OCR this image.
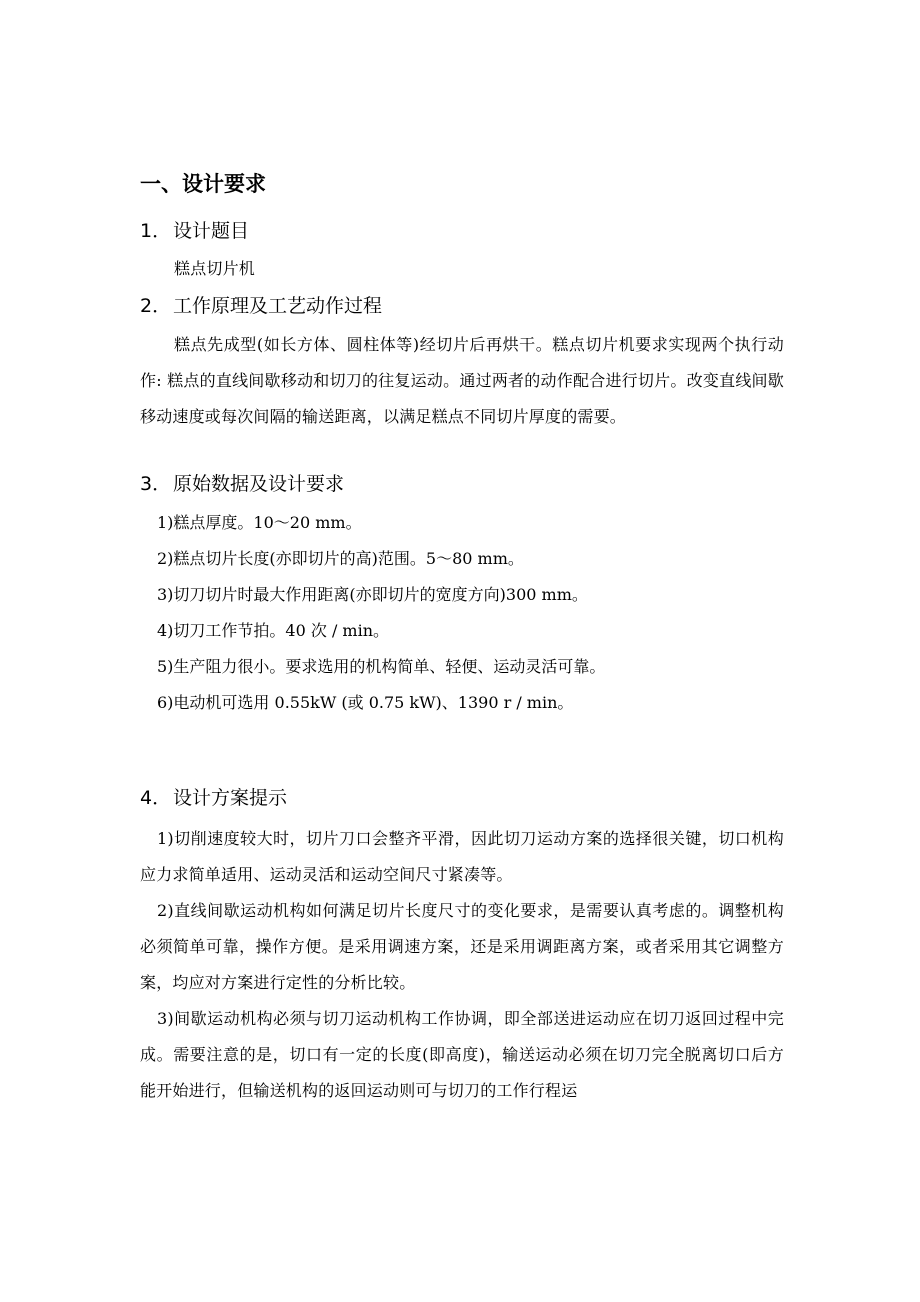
一、设计要求
1． 设计题目
糕点切片机
2． 工作原理及工艺动作过程
糕点先成型(如长方体、圆柱体等)经切片后再烘干。糕点切片机要求实现两个执行动作: 糕点的直线间歇移动和切刀的往复运动。通过两者的动作配合进行切片。改变直线间歇移动速度或每次间隔的输送距离，以满足糕点不同切片厚度的需要。
3． 原始数据及设计要求
1)糕点厚度。10～20 mm。
2)糕点切片长度(亦即切片的高)范围。5～80 mm。
3)切刀切片时最大作用距离(亦即切片的宽度方向)300 mm。
4)切刀工作节拍。40 次 / min。
5)生产阻力很小。要求选用的机构简单、轻便、运动灵活可靠。
6)电动机可选用 0.55kW (或 0.75 kW)、1390 r / min。
4． 设计方案提示
1)切削速度较大时，切片刀口会整齐平滑，因此切刀运动方案的选择很关键，切口机构应力求简单适用、运动灵活和运动空间尺寸紧凑等。
2)直线间歇运动机构如何满足切片长度尺寸的变化要求，是需要认真考虑的。调整机构必须简单可靠，操作方便。是采用调速方案，还是采用调距离方案，或者采用其它调整方案，均应对方案进行定性的分析比较。
3)间歇运动机构必须与切刀运动机构工作协调，即全部送进运动应在切刀返回过程中完成。需要注意的是，切口有一定的长度(即高度)，输送运动必须在切刀完全脱离切口后方能开始进行，但输送机构的返回运动则可与切刀的工作行程运
